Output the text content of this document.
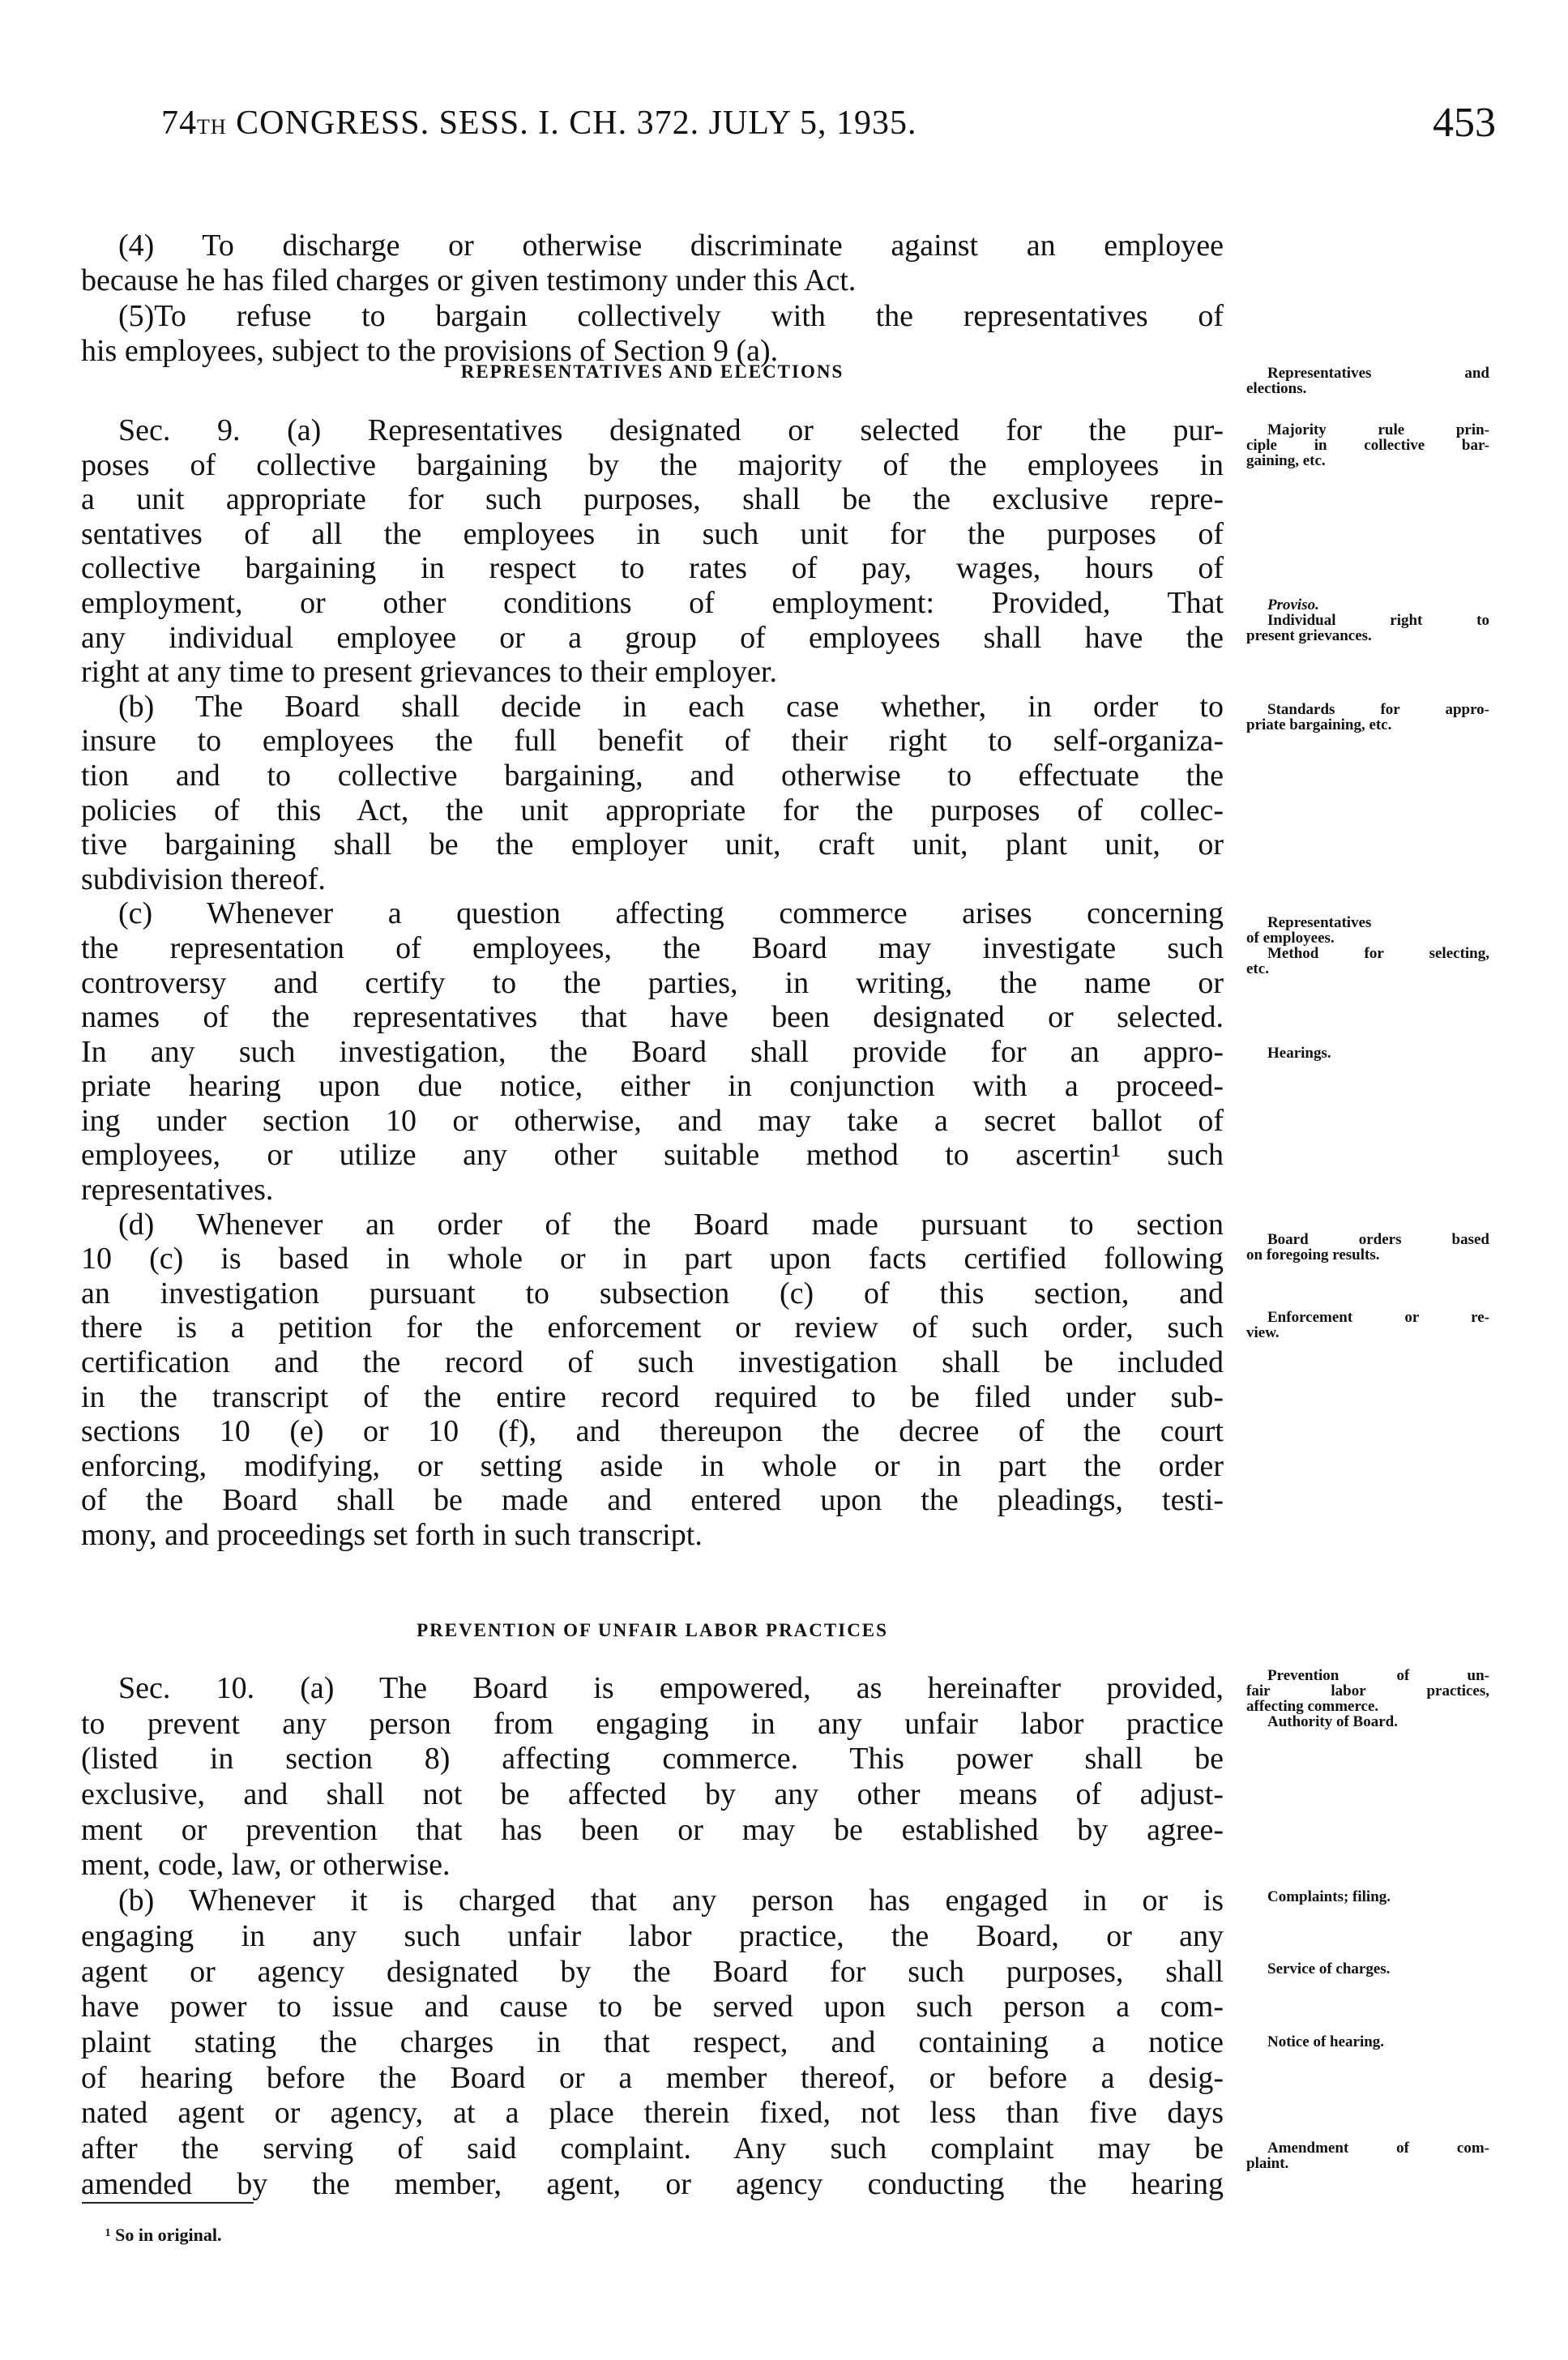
74TH CONGRESS. SESS. I. CH. 372. JULY 5, 1935.	453
(4) To discharge or otherwise discriminate against an employee
because he has filed charges or given testimony under this Act.
(5)To refuse to bargain collectively with the representatives of
his employees, subject to the provisions of Section 9 (a).
REPRESENTATIVES AND ELECTIONS
Sec. 9. (a) Representatives designated or selected for the pur-
poses of collective bargaining by the majority of the employees in
a unit appropriate for such purposes, shall be the exclusive repre-
sentatives of all the employees in such unit for the purposes of
collective bargaining in respect to rates of pay, wages, hours of
employment, or other conditions of employment: Provided, That
any individual employee or a group of employees shall have the
right at any time to present grievances to their employer.
(b) The Board shall decide in each case whether, in order to
insure to employees the full benefit of their right to self-organiza-
tion and to collective bargaining, and otherwise to effectuate the
policies of this Act, the unit appropriate for the purposes of collec-
tive bargaining shall be the employer unit, craft unit, plant unit, or
subdivision thereof.
(c) Whenever a question affecting commerce arises concerning
the representation of employees, the Board may investigate such
controversy and certify to the parties, in writing, the name or
names of the representatives that have been designated or selected.
In any such investigation, the Board shall provide for an appro-
priate hearing upon due notice, either in conjunction with a proceed-
ing under section 10 or otherwise, and may take a secret ballot of
employees, or utilize any other suitable method to ascertin¹ such
representatives.
(d) Whenever an order of the Board made pursuant to section
10 (c) is based in whole or in part upon facts certified following
an investigation pursuant to subsection (c) of this section, and
there is a petition for the enforcement or review of such order, such
certification and the record of such investigation shall be included
in the transcript of the entire record required to be filed under sub-
sections 10 (e) or 10 (f), and thereupon the decree of the court
enforcing, modifying, or setting aside in whole or in part the order
of the Board shall be made and entered upon the pleadings, testi-
mony, and proceedings set forth in such transcript.
PREVENTION OF UNFAIR LABOR PRACTICES
Sec. 10. (a) The Board is empowered, as hereinafter provided,
to prevent any person from engaging in any unfair labor practice
(listed in section 8) affecting commerce. This power shall be
exclusive, and shall not be affected by any other means of adjust-
ment or prevention that has been or may be established by agree-
ment, code, law, or otherwise.
(b) Whenever it is charged that any person has engaged in or is
engaging in any such unfair labor practice, the Board, or any
agent or agency designated by the Board for such purposes, shall
have power to issue and cause to be served upon such person a com-
plaint stating the charges in that respect, and containing a notice
of hearing before the Board or a member thereof, or before a desig-
nated agent or agency, at a place therein fixed, not less than five days
after the serving of said complaint. Any such complaint may be
amended by the member, agent, or agency conducting the hearing
Representatives and
elections.
Majority rule prin-
ciple in collective bar-
gaining, etc.
Proviso.
Individual right to
present grievances.
Standards for appro-
priate bargaining, etc.
Representatives
of employees.
Method for selecting,
etc.
Hearings.
Board orders based
on foregoing results.
Enforcement or re-
view.
Prevention of un-
fair labor practices,
affecting commerce.
Authority of Board.
Complaints; filing.
Service of charges.
Notice of hearing.
Amendment of com-
plaint.
¹ So in original.
